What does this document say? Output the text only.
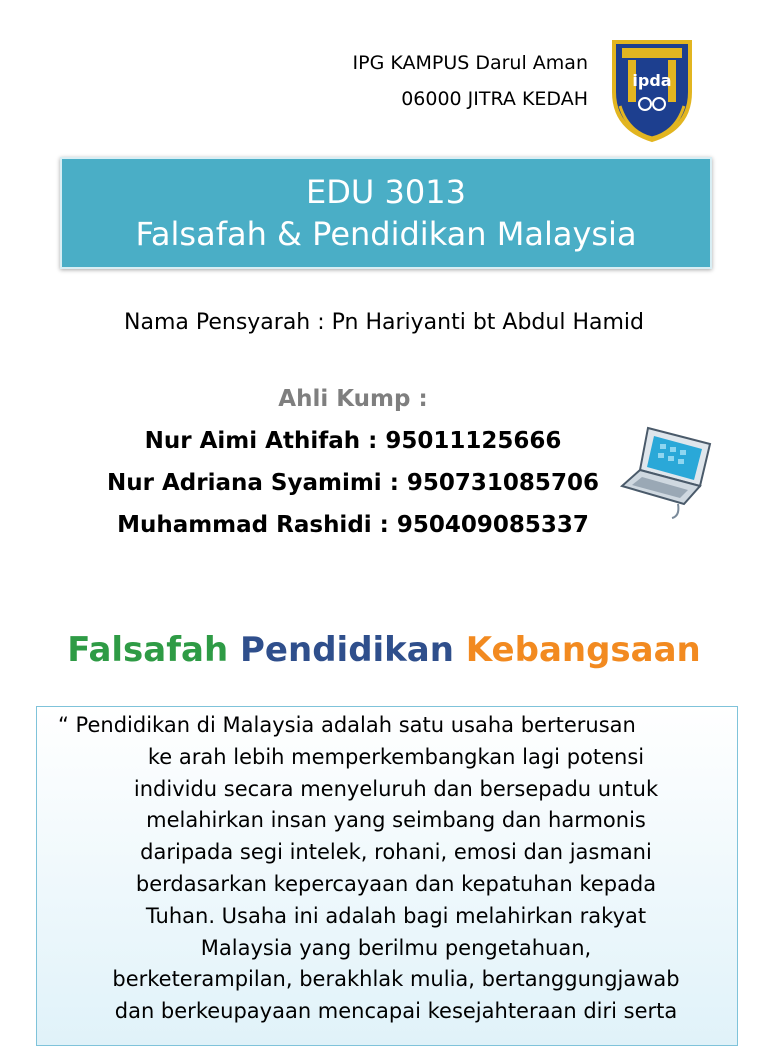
IPG KAMPUS Darul Aman
06000 JITRA KEDAH
ipda
EDU 3013
Falsafah & Pendidikan Malaysia
Nama Pensyarah : Pn Hariyanti bt Abdul Hamid
Ahli Kump :
Nur Aimi Athifah : 95011125666
Nur Adriana Syamimi : 950731085706
Muhammad Rashidi : 950409085337
Falsafah Pendidikan Kebangsaan
“ Pendidikan di Malaysia adalah satu usaha berterusan
ke arah lebih memperkembangkan lagi potensi
individu secara menyeluruh dan bersepadu untuk
melahirkan insan yang seimbang dan harmonis
daripada segi intelek, rohani, emosi dan jasmani
berdasarkan kepercayaan dan kepatuhan kepada
Tuhan. Usaha ini adalah bagi melahirkan rakyat
Malaysia yang berilmu pengetahuan,
berketerampilan, berakhlak mulia, bertanggungjawab
dan berkeupayaan mencapai kesejahteraan diri serta
